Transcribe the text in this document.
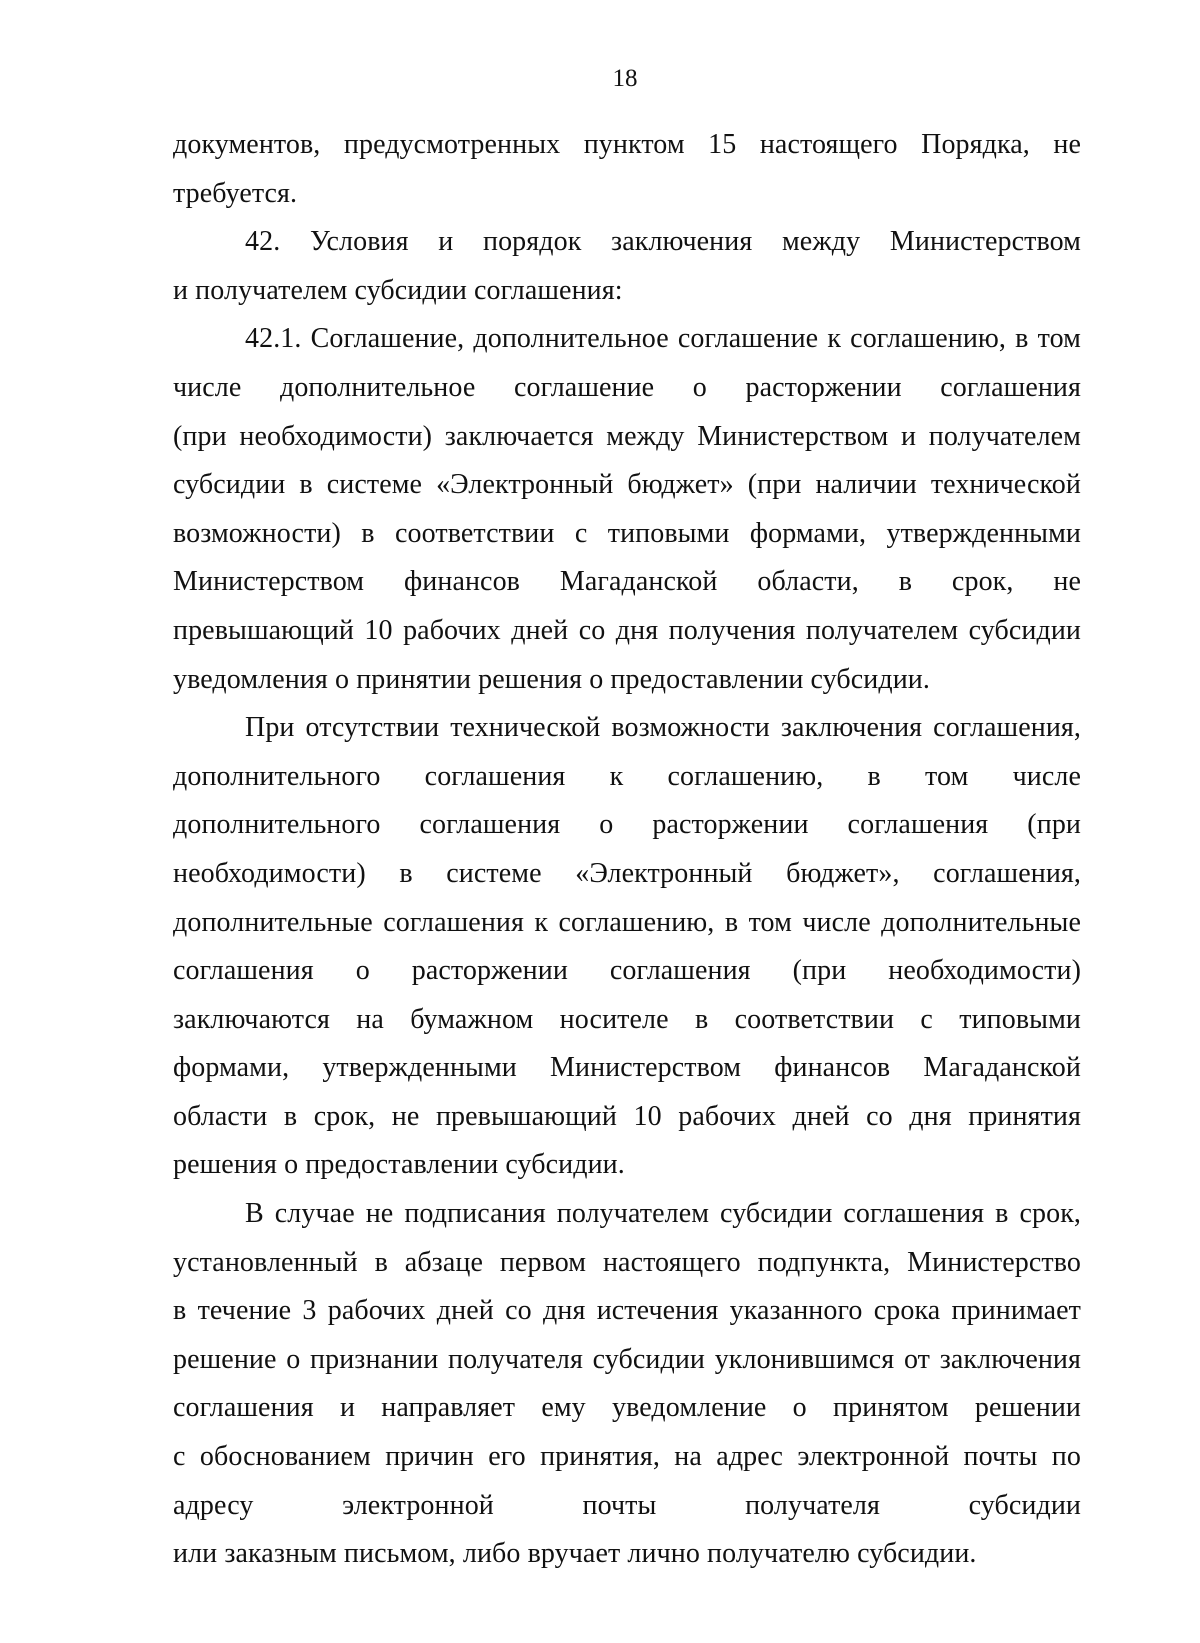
18
документов, предусмотренных пунктом 15 настоящего Порядка, не
требуется.
42. Условия и порядок заключения между Министерством
и получателем субсидии соглашения:
42.1. Соглашение, дополнительное соглашение к соглашению, в том
числе дополнительное соглашение о расторжении соглашения
(при необходимости) заключается между Министерством и получателем
субсидии в системе «Электронный бюджет» (при наличии технической
возможности) в соответствии с типовыми формами, утвержденными
Министерством финансов Магаданской области, в срок, не
превышающий 10 рабочих дней со дня получения получателем субсидии
уведомления о принятии решения о предоставлении субсидии.
При отсутствии технической возможности заключения соглашения,
дополнительного соглашения к соглашению, в том числе
дополнительного соглашения о расторжении соглашения (при
необходимости) в системе «Электронный бюджет», соглашения,
дополнительные соглашения к соглашению, в том числе дополнительные
соглашения о расторжении соглашения (при необходимости)
заключаются на бумажном носителе в соответствии с типовыми
формами, утвержденными Министерством финансов Магаданской
области в срок, не превышающий 10 рабочих дней со дня принятия
решения о предоставлении субсидии.
В случае не подписания получателем субсидии соглашения в срок,
установленный в абзаце первом настоящего подпункта, Министерство
в течение 3 рабочих дней со дня истечения указанного срока принимает
решение о признании получателя субсидии уклонившимся от заключения
соглашения и направляет ему уведомление о принятом решении
с обоснованием причин его принятия, на адрес электронной почты по
адресу электронной почты получателя субсидии
или заказным письмом, либо вручает лично получателю субсидии.
